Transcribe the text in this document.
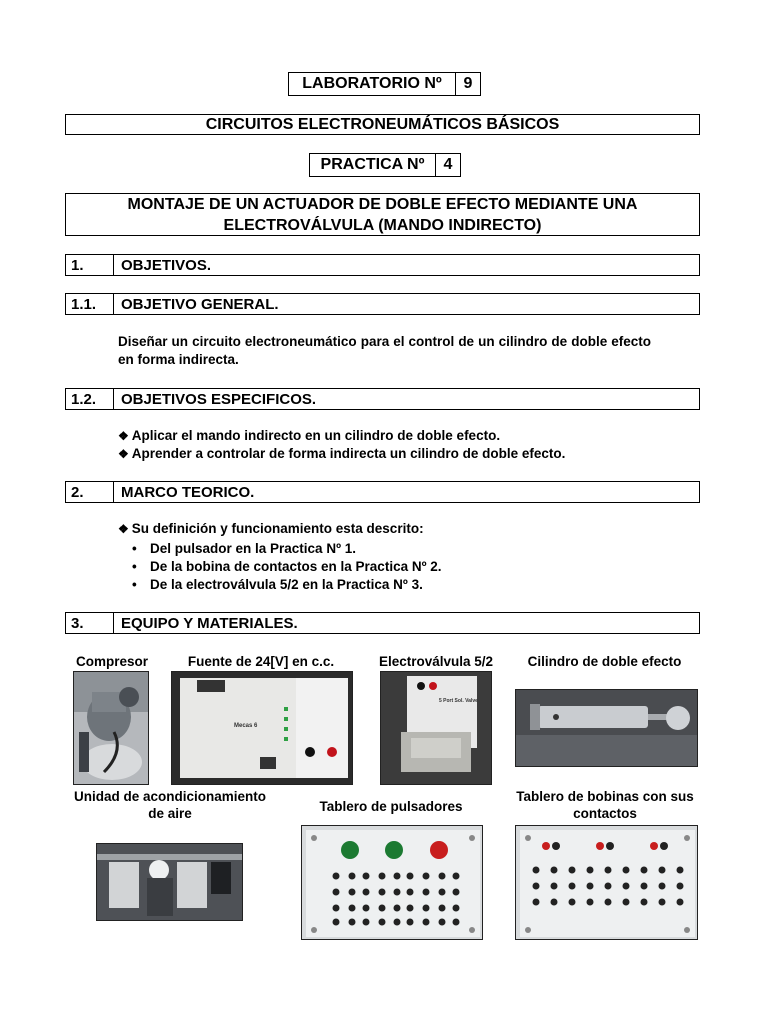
LABORATORIO Nº	9
CIRCUITOS ELECTRONEUMÁTICOS BÁSICOS
PRACTICA Nº	4
MONTAJE DE UN ACTUADOR DE DOBLE EFECTO MEDIANTE UNA ELECTROVÁLVULA (MANDO INDIRECTO)
1.	OBJETIVOS.
1.1.	OBJETIVO GENERAL.
Diseñar un circuito electroneumático para el control de un cilindro de doble efecto en forma indirecta.
1.2.	OBJETIVOS ESPECIFICOS.
❖ Aplicar el mando indirecto en un cilindro de doble efecto.
❖ Aprender a controlar de forma indirecta un cilindro de doble efecto.
2.	MARCO TEORICO.
❖ Su definición y funcionamiento esta descrito:
• Del pulsador en la Practica Nº 1.
• De la bobina de contactos en la Practica Nº 2.
• De la electroválvula 5/2 en la Practica Nº 3.
3.	EQUIPO Y MATERIALES.
Compresor	Fuente de 24[V] en c.c.	Electroválvula 5/2	Cilindro de doble efecto
Unidad de acondicionamiento de aire	Tablero de pulsadores
Tablero de bobinas con sus contactos
Mecas 6
5 Port Sol. Valve
